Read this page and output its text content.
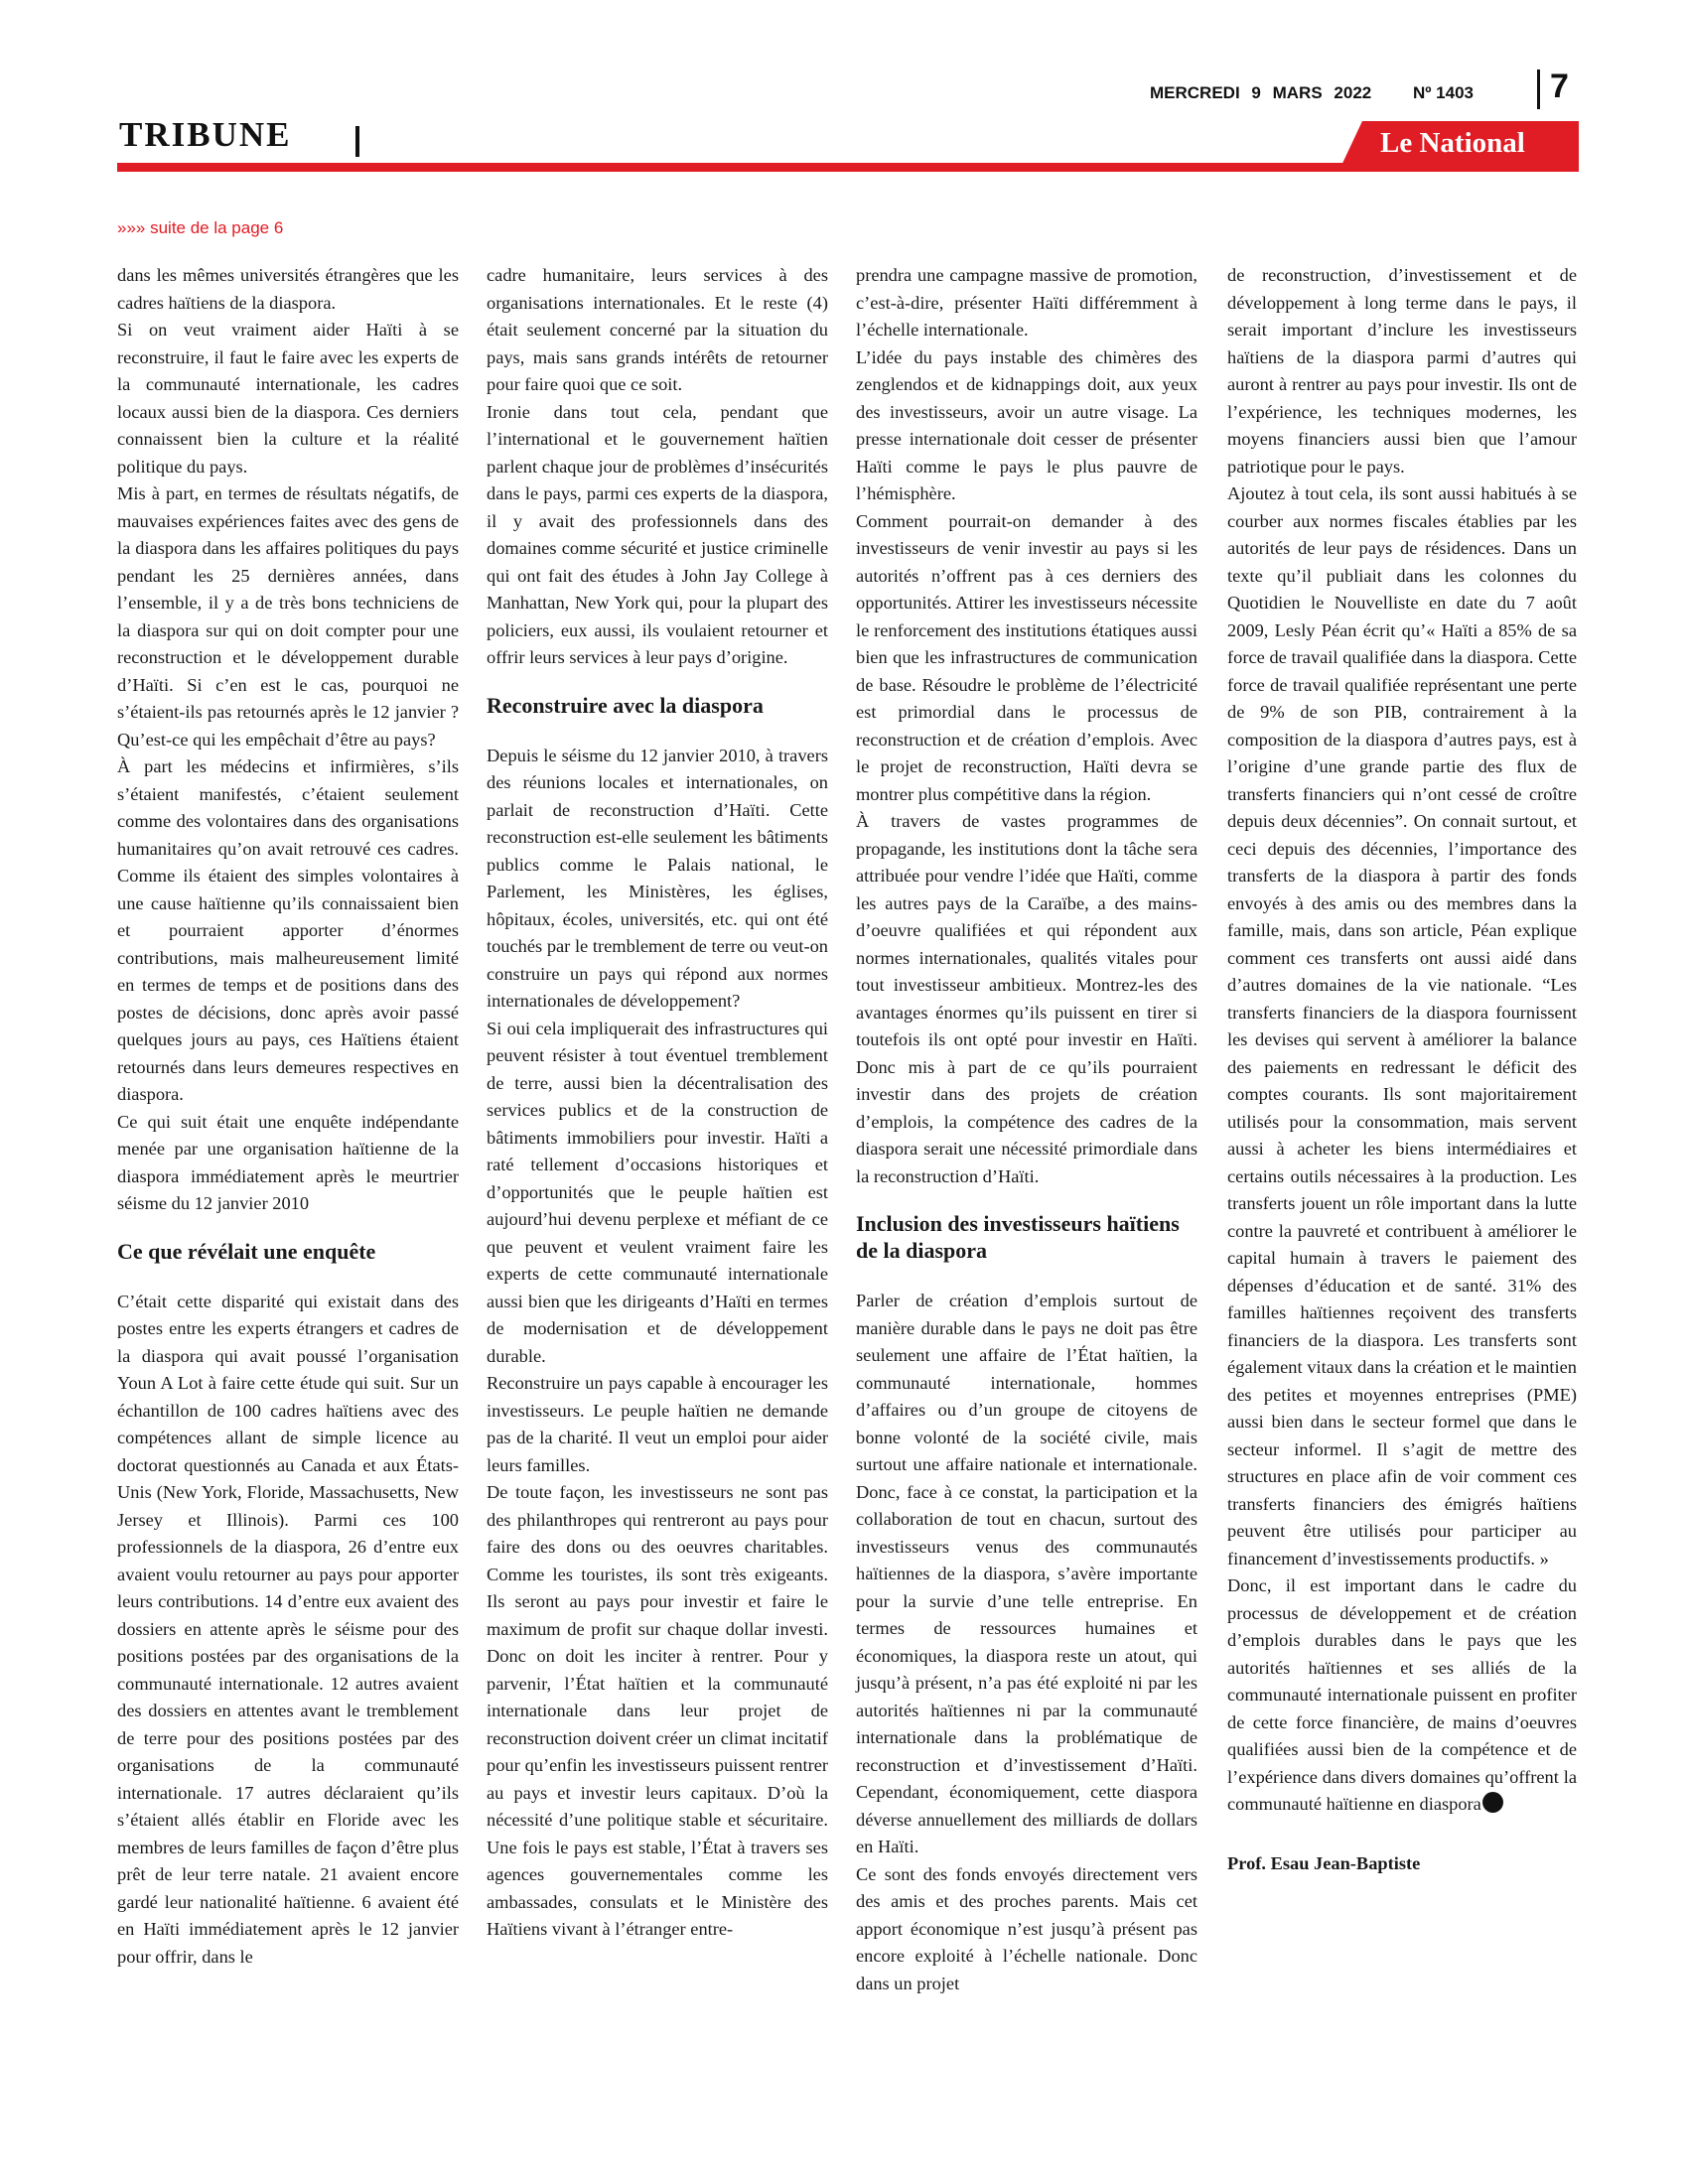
MERCREDI 9 MARS 2022 Nº 1403 7
TRIBUNE	Le National
»»» suite de la page 6

dans les mêmes universités étrangères que les cadres haïtiens de la diaspora.

Si on veut vraiment aider Haïti à se reconstruire, il faut le faire avec les experts de la communauté internationale, les cadres locaux aussi bien de la diaspora. Ces derniers connaissent bien la culture et la réalité politique du pays.

Mis à part, en termes de résultats négatifs, de mauvaises expériences faites avec des gens de la diaspora dans les affaires politiques du pays pendant les 25 dernières années, dans l’ensemble, il y a de très bons techniciens de la diaspora sur qui on doit compter pour une reconstruction et le développement durable d’Haïti. Si c’en est le cas, pourquoi ne s’étaient-ils pas retournés après le 12 janvier ? Qu’est-ce qui les empêchait d’être au pays?

À part les médecins et infirmières, s’ils s’étaient manifestés, c’étaient seulement comme des volontaires dans des organisations humanitaires qu’on avait retrouvé ces cadres. Comme ils étaient des simples volontaires à une cause haïtienne qu’ils connaissaient bien et pourraient apporter d’énormes contributions, mais malheureusement limité en termes de temps et de positions dans des postes de décisions, donc après avoir passé quelques jours au pays, ces Haïtiens étaient retournés dans leurs demeures respectives en diaspora.

Ce qui suit était une enquête indépendante menée par une organisation haïtienne de la diaspora immédiatement après le meurtrier séisme du 12 janvier 2010

Ce que révélait une enquête

C’était cette disparité qui existait dans des postes entre les experts étrangers et cadres de la diaspora qui avait poussé l’organisation Youn A Lot à faire cette étude qui suit. Sur un échantillon de 100 cadres haïtiens avec des compétences allant de simple licence au doctorat questionnés au Canada et aux États-Unis (New York, Floride, Massachusetts, New Jersey et Illinois). Parmi ces 100 professionnels de la diaspora, 26 d’entre eux avaient voulu retourner au pays pour apporter leurs contributions. 14 d’entre eux avaient des dossiers en attente après le séisme pour des positions postées par des organisations de la communauté internationale. 12 autres avaient des dossiers en attentes avant le tremblement de terre pour des positions postées par des organisations de la communauté internationale. 17 autres déclaraient qu’ils s’étaient allés établir en Floride avec les membres de leurs familles de façon d’être plus prêt de leur terre natale. 21 avaient encore gardé leur nationalité haïtienne. 6 avaient été en Haïti immédiatement après le 12 janvier pour offrir, dans le

cadre humanitaire, leurs services à des organisations internationales. Et le reste (4) était seulement concerné par la situation du pays, mais sans grands intérêts de retourner pour faire quoi que ce soit.

Ironie dans tout cela, pendant que l’international et le gouvernement haïtien parlent chaque jour de problèmes d’insécurités dans le pays, parmi ces experts de la diaspora, il y avait des professionnels dans des domaines comme sécurité et justice criminelle qui ont fait des études à John Jay College à Manhattan, New York qui, pour la plupart des policiers, eux aussi, ils voulaient retourner et offrir leurs services à leur pays d’origine.

Reconstruire avec la diaspora

Depuis le séisme du 12 janvier 2010, à travers des réunions locales et internationales, on parlait de reconstruction d’Haïti. Cette reconstruction est-elle seulement les bâtiments publics comme le Palais national, le Parlement, les Ministères, les églises, hôpitaux, écoles, universités, etc. qui ont été touchés par le tremblement de terre ou veut-on construire un pays qui répond aux normes internationales de développement?

Si oui cela impliquerait des infrastructures qui peuvent résister à tout éventuel tremblement de terre, aussi bien la décentralisation des services publics et de la construction de bâtiments immobiliers pour investir. Haïti a raté tellement d’occasions historiques et d’opportunités que le peuple haïtien est aujourd’hui devenu perplexe et méfiant de ce que peuvent et veulent vraiment faire les experts de cette communauté internationale aussi bien que les dirigeants d’Haïti en termes de modernisation et de développement durable.

Reconstruire un pays capable à encourager les investisseurs. Le peuple haïtien ne demande pas de la charité. Il veut un emploi pour aider leurs familles.

De toute façon, les investisseurs ne sont pas des philanthropes qui rentreront au pays pour faire des dons ou des oeuvres charitables. Comme les touristes, ils sont très exigeants. Ils seront au pays pour investir et faire le maximum de profit sur chaque dollar investi. Donc on doit les inciter à rentrer. Pour y parvenir, l’État haïtien et la communauté internationale dans leur projet de reconstruction doivent créer un climat incitatif pour qu’enfin les investisseurs puissent rentrer au pays et investir leurs capitaux. D’où la nécessité d’une politique stable et sécuritaire. Une fois le pays est stable, l’État à travers ses agences gouvernementales comme les ambassades, consulats et le Ministère des Haïtiens vivant à l’étranger entre-

prendra une campagne massive de promotion, c’est-à-dire, présenter Haïti différemment à l’échelle internationale.

L’idée du pays instable des chimères des zenglendos et de kidnappings doit, aux yeux des investisseurs, avoir un autre visage. La presse internationale doit cesser de présenter Haïti comme le pays le plus pauvre de l’hémisphère.

Comment pourrait-on demander à des investisseurs de venir investir au pays si les autorités n’offrent pas à ces derniers des opportunités. Attirer les investisseurs nécessite le renforcement des institutions étatiques aussi bien que les infrastructures de communication de base. Résoudre le problème de l’électricité est primordial dans le processus de reconstruction et de création d’emplois. Avec le projet de reconstruction, Haïti devra se montrer plus compétitive dans la région.

À travers de vastes programmes de propagande, les institutions dont la tâche sera attribuée pour vendre l’idée que Haïti, comme les autres pays de la Caraïbe, a des mains-d’oeuvre qualifiées et qui répondent aux normes internationales, qualités vitales pour tout investisseur ambitieux. Montrez-les des avantages énormes qu’ils puissent en tirer si toutefois ils ont opté pour investir en Haïti. Donc mis à part de ce qu’ils pourraient investir dans des projets de création d’emplois, la compétence des cadres de la diaspora serait une nécessité primordiale dans la reconstruction d’Haïti.

Inclusion des investisseurs haïtiens de la diaspora

Parler de création d’emplois surtout de manière durable dans le pays ne doit pas être seulement une affaire de l’État haïtien, la communauté internationale, hommes d’affaires ou d’un groupe de citoyens de bonne volonté de la société civile, mais surtout une affaire nationale et internationale. Donc, face à ce constat, la participation et la collaboration de tout en chacun, surtout des investisseurs venus des communautés haïtiennes de la diaspora, s’avère importante pour la survie d’une telle entreprise. En termes de ressources humaines et économiques, la diaspora reste un atout, qui jusqu’à présent, n’a pas été exploité ni par les autorités haïtiennes ni par la communauté internationale dans la problématique de reconstruction et d’investissement d’Haïti. Cependant, économiquement, cette diaspora déverse annuellement des milliards de dollars en Haïti.

Ce sont des fonds envoyés directement vers des amis et des proches parents. Mais cet apport économique n’est jusqu’à présent pas encore exploité à l’échelle nationale. Donc dans un projet

de reconstruction, d’investissement et de développement à long terme dans le pays, il serait important d’inclure les investisseurs haïtiens de la diaspora parmi d’autres qui auront à rentrer au pays pour investir. Ils ont de l’expérience, les techniques modernes, les moyens financiers aussi bien que l’amour patriotique pour le pays.

Ajoutez à tout cela, ils sont aussi habitués à se courber aux normes fiscales établies par les autorités de leur pays de résidences. Dans un texte qu’il publiait dans les colonnes du Quotidien le Nouvelliste en date du 7 août 2009, Lesly Péan écrit qu’« Haïti a 85% de sa force de travail qualifiée dans la diaspora. Cette force de travail qualifiée représentant une perte de 9% de son PIB, contrairement à la composition de la diaspora d’autres pays, est à l’origine d’une grande partie des flux de transferts financiers qui n’ont cessé de croître depuis deux décennies”. On connait surtout, et ceci depuis des décennies, l’importance des transferts de la diaspora à partir des fonds envoyés à des amis ou des membres dans la famille, mais, dans son article, Péan explique comment ces transferts ont aussi aidé dans d’autres domaines de la vie nationale. “Les transferts financiers de la diaspora fournissent les devises qui servent à améliorer la balance des paiements en redressant le déficit des comptes courants. Ils sont majoritairement utilisés pour la consommation, mais servent aussi à acheter les biens intermédiaires et certains outils nécessaires à la production. Les transferts jouent un rôle important dans la lutte contre la pauvreté et contribuent à améliorer le capital humain à travers le paiement des dépenses d’éducation et de santé. 31% des familles haïtiennes reçoivent des transferts financiers de la diaspora. Les transferts sont également vitaux dans la création et le maintien des petites et moyennes entreprises (PME) aussi bien dans le secteur formel que dans le secteur informel. Il s’agit de mettre des structures en place afin de voir comment ces transferts financiers des émigrés haïtiens peuvent être utilisés pour participer au financement d’investissements productifs. »

Donc, il est important dans le cadre du processus de développement et de création d’emplois durables dans le pays que les autorités haïtiennes et ses alliés de la communauté internationale puissent en profiter de cette force financière, de mains d’oeuvres qualifiées aussi bien de la compétence et de l’expérience dans divers domaines qu’offrent la communauté haïtienne en diaspora

Prof. Esau Jean-Baptiste
